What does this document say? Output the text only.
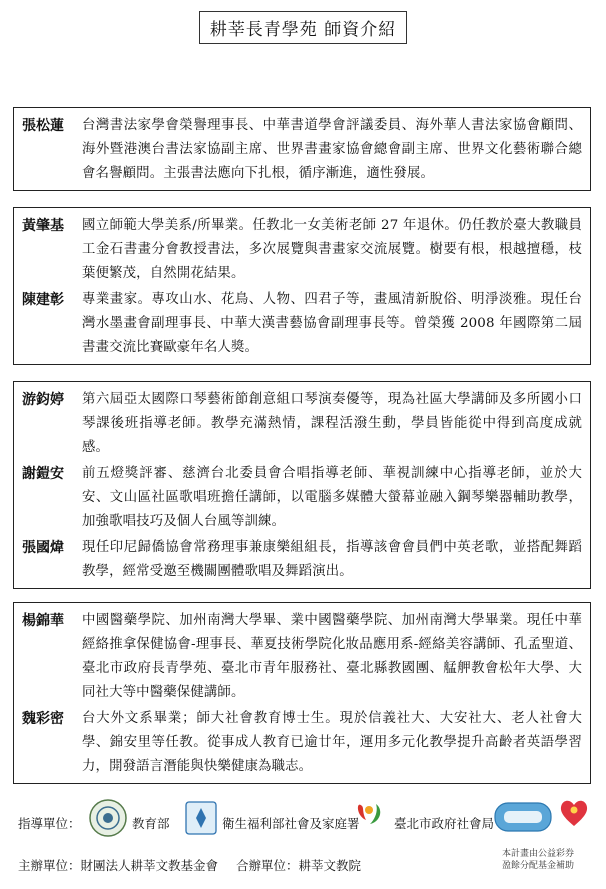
耕莘長青學苑 師資介紹
張松蓮	台灣書法家學會榮譽理事長、中華書道學會評議委員、海外華人書法家協會顧問、海外暨港澳台書法家協副主席、世界書畫家協會總會副主席、世界文化藝術聯合總會名譽顧問。主張書法應向下扎根，循序漸進，適性發展。
黃肇基	國立師範大學美系/所畢業。任教北一女美術老師 27 年退休。仍任教於臺大教職員工金石書畫分會教授書法，多次展覽與書畫家交流展覽。樹要有根，根越擅穩，枝葉便繁茂，自然開花結果。
陳建彰	專業畫家。專攻山水、花鳥、人物、四君子等，畫風清新脫俗、明淨淡雅。現任台灣水墨畫會副理事長、中華大漢書藝協會副理事長等。曾榮獲 2008 年國際第二屆書畫交流比賽歐豪年名人獎。
游鈞婷	第六屆亞太國際口琴藝術節創意組口琴演奏優等，現為社區大學講師及多所國小口琴課後班指導老師。教學充滿熱情，課程活潑生動，學員皆能從中得到高度成就感。
謝鎧安	前五燈獎評審、慈濟台北委員會合唱指導老師、華視訓練中心指導老師，並於大安、文山區社區歌唱班擔任講師，以電腦多媒體大螢幕並融入鋼琴樂器輔助教學，加強歌唱技巧及個人台風等訓練。
張國煒	現任印尼歸僑協會常務理事兼康樂組組長，指導該會會員們中英老歌，並搭配舞蹈教學，經常受邀至機關團體歌唱及舞蹈演出。
楊錦華	中國醫藥學院、加州南灣大學畢、業中國醫藥學院、加州南灣大學畢業。現任中華經絡推拿保健協會-理事長、華夏技術學院化妝品應用系-經絡美容講師、孔孟聖道、臺北市政府長青學苑、臺北市青年服務社、臺北縣教國團、艋舺教會松年大學、大同社大等中醫藥保健講師。
魏彩密	台大外文系畢業；師大社會教育博士生。現於信義社大、大安社大、老人社會大學、錦安里等任教。從事成人教育已逾廿年，運用多元化教學提升高齡者英語學習力，開發語言潛能與快樂健康為職志。
指導單位：	教育部	衛生福利部社會及家庭署	臺北市政府社會局
主辦單位：財團法人耕莘文教基金會 合辦單位：耕莘文教院
本計畫由公益彩券
盈餘分配基金補助
